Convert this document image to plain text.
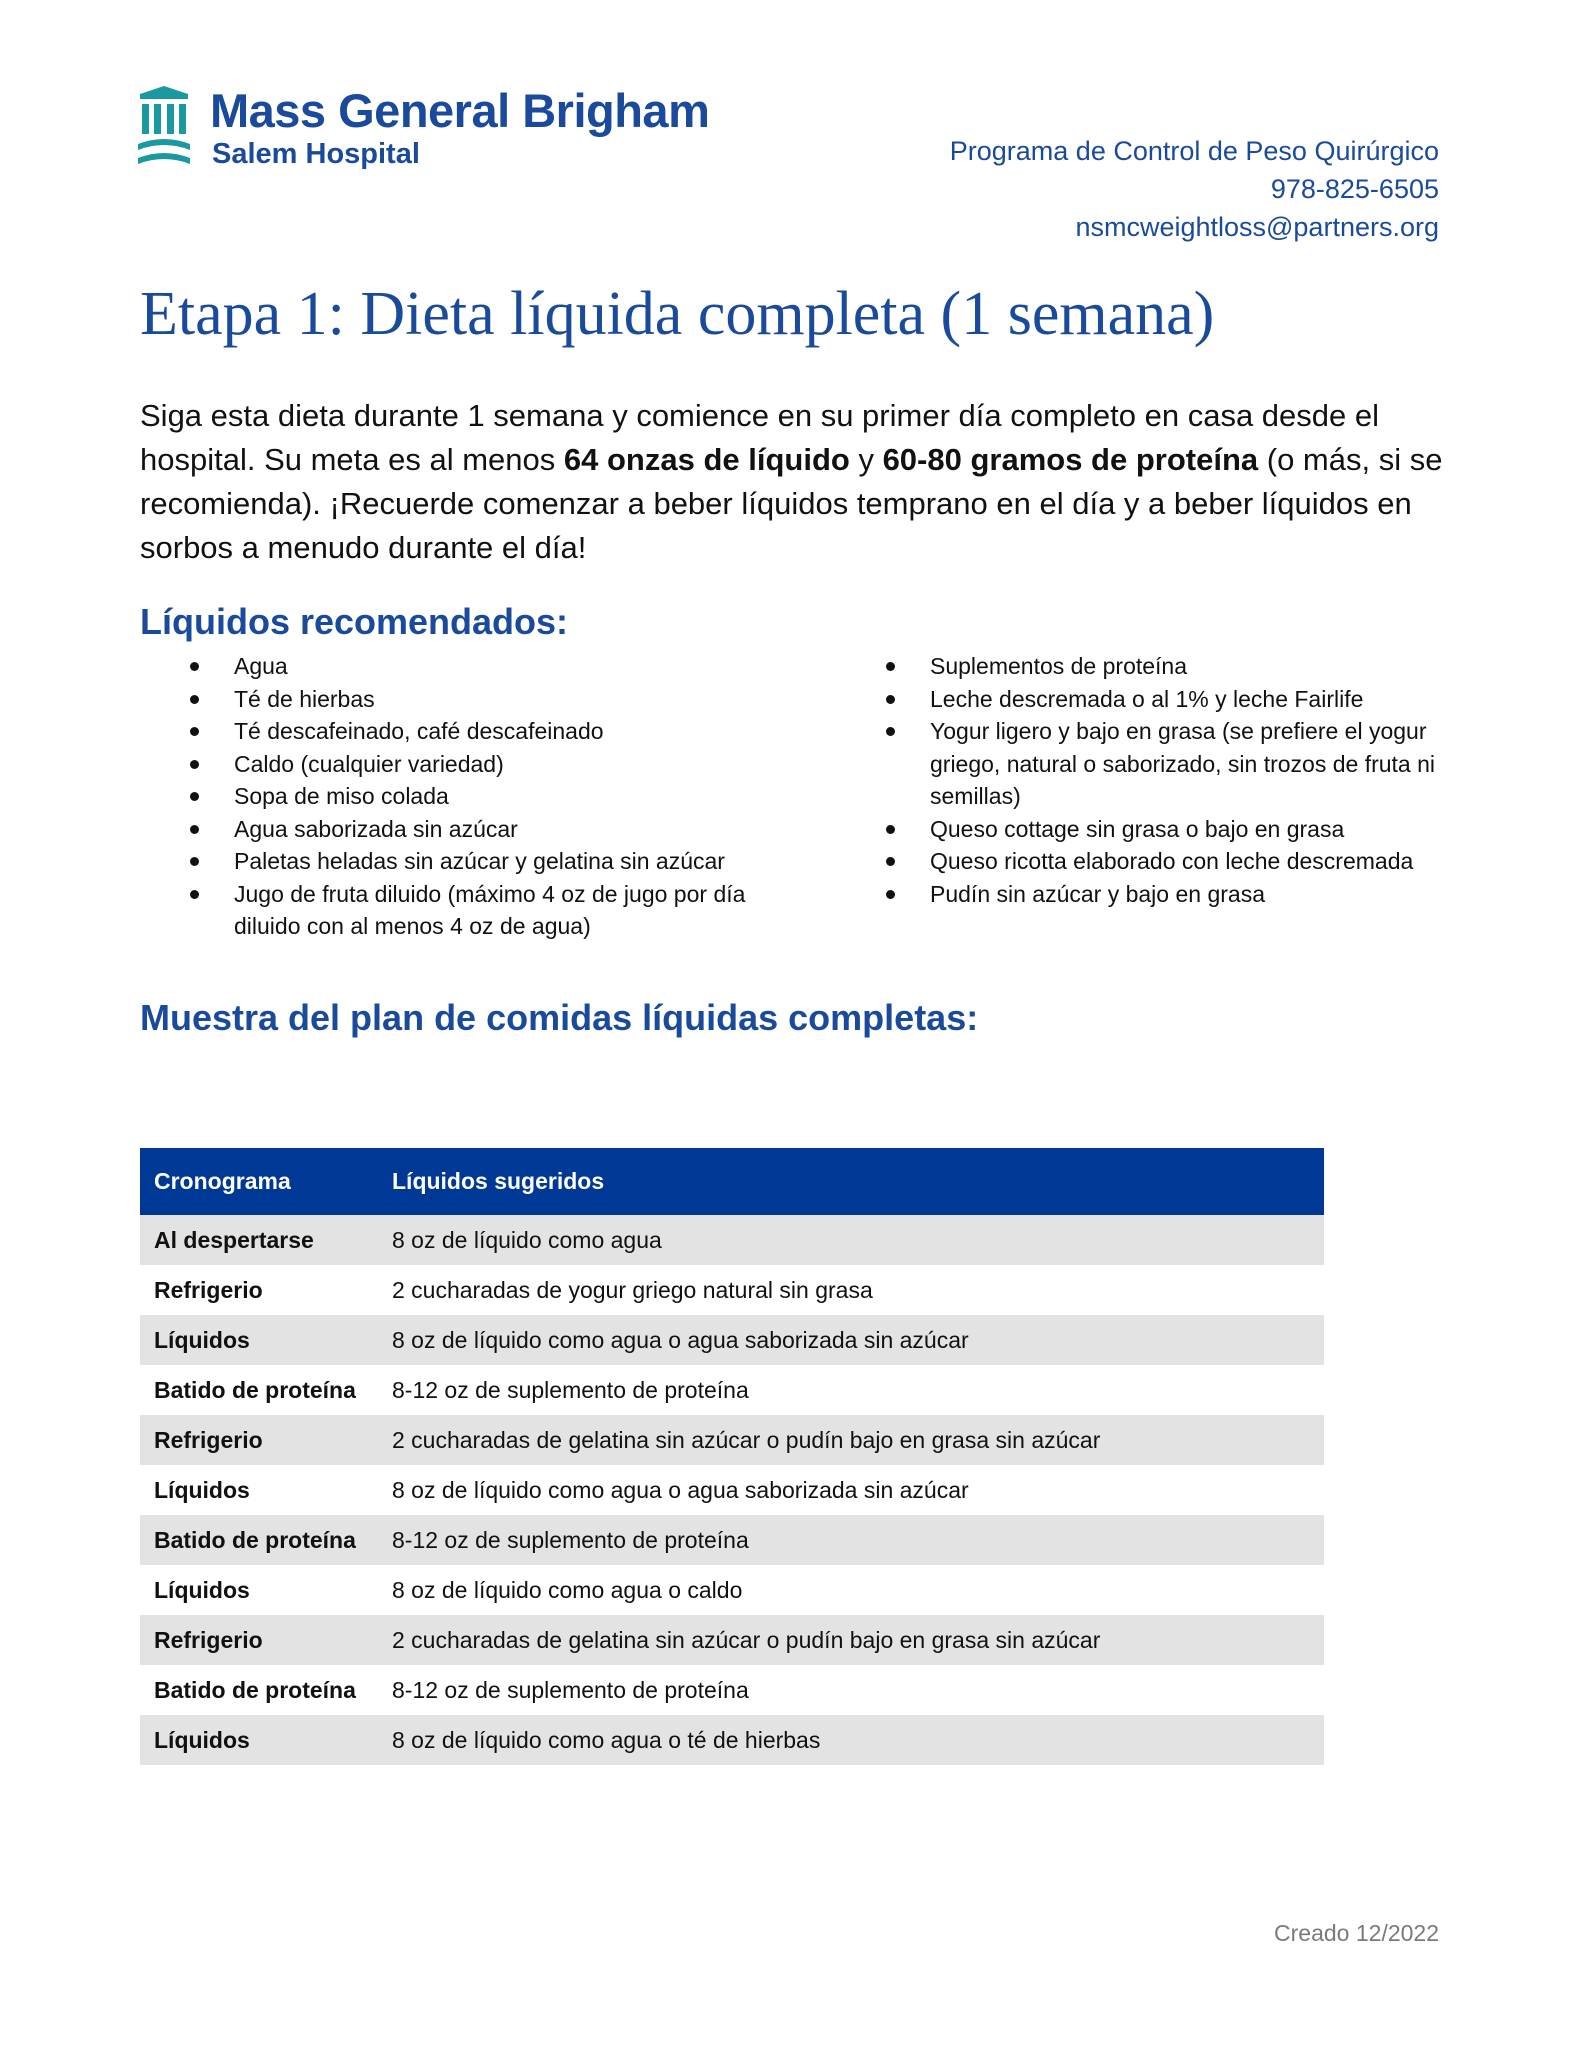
Mass General Brigham
Salem Hospital	Programa de Control de Peso Quirúrgico
978-825-6505
nsmcweightloss@partners.org
Etapa 1: Dieta líquida completa (1 semana)

Siga esta dieta durante 1 semana y comience en su primer día completo en casa desde el hospital. Su meta es al menos 64 onzas de líquido y 60-80 gramos de proteína (o más, si se recomienda). ¡Recuerde comenzar a beber líquidos temprano en el día y a beber líquidos en sorbos a menudo durante el día!

Líquidos recomendados:
Agua
Té de hierbas
Té descafeinado, café descafeinado
Caldo (cualquier variedad)
Sopa de miso colada
Agua saborizada sin azúcar
Paletas heladas sin azúcar y gelatina sin azúcar
Jugo de fruta diluido (máximo 4 oz de jugo por día diluido con al menos 4 oz de agua)
Suplementos de proteína
Leche descremada o al 1% y leche Fairlife
Yogur ligero y bajo en grasa (se prefiere el yogur griego, natural o saborizado, sin trozos de fruta ni semillas)
Queso cottage sin grasa o bajo en grasa
Queso ricotta elaborado con leche descremada
Pudín sin azúcar y bajo en grasa
Muestra del plan de comidas líquidas completas:
Cronograma	Líquidos sugeridos
Al despertarse	8 oz de líquido como agua
Refrigerio	2 cucharadas de yogur griego natural sin grasa
Líquidos	8 oz de líquido como agua o agua saborizada sin azúcar
Batido de proteína	8-12 oz de suplemento de proteína
Refrigerio	2 cucharadas de gelatina sin azúcar o pudín bajo en grasa sin azúcar
Líquidos	8 oz de líquido como agua o agua saborizada sin azúcar
Batido de proteína	8-12 oz de suplemento de proteína
Líquidos	8 oz de líquido como agua o caldo
Refrigerio	2 cucharadas de gelatina sin azúcar o pudín bajo en grasa sin azúcar
Batido de proteína	8-12 oz de suplemento de proteína
Líquidos	8 oz de líquido como agua o té de hierbas
Creado 12/2022
